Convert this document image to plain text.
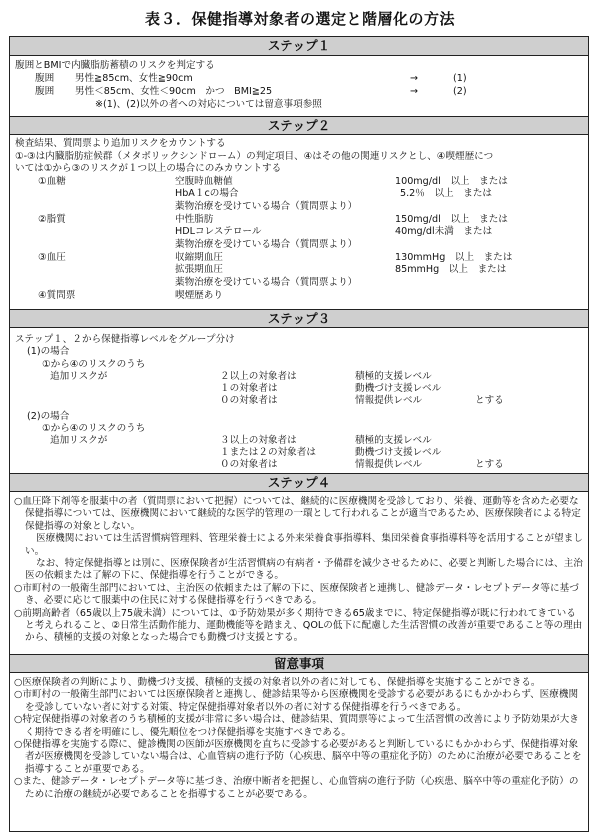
表３．保健指導対象者の選定と階層化の方法
ステップ１
腹囲とBMIで内臓脂肪蓄積のリスクを判定する
腹囲 男性≧85cm、女性≧90cm	→	(1)
腹囲 男性＜85cm、女性＜90cm　かつ　BMI≧25	→	(2)
※(1)、(2)以外の者への対応については留意事項参照
ステップ２
検査結果、質問票より追加リスクをカウントする
①-③は内臓脂肪症候群（メタボリックシンドローム）の判定項目、④はその他の関連リスクとし、④喫煙歴につ
いては①から③のリスクが１つ以上の場合にのみカウントする
①血糖	空腹時血糖値	100mg/dl　以上　または
HbA１cの場合	5.2％　以上　または
薬物治療を受けている場合（質問票より）
②脂質	中性脂肪	150mg/dl　以上　または
HDLコレステロール	40mg/dl未満　または
薬物治療を受けている場合（質問票より）
③血圧	収縮期血圧	130mmHg　以上　または
拡張期血圧	85mmHg　以上　または
薬物治療を受けている場合（質問票より）
④質問票	喫煙歴あり
ステップ３
ステップ１、２から保健指導レベルをグループ分け
(1)の場合
①から④のリスクのうち
追加リスクが	２以上の対象者は	積極的支援レベル
１の対象者は	動機づけ支援レベル
０の対象者は	情報提供レベル	とする
(2)の場合
①から④のリスクのうち
追加リスクが	３以上の対象者は	積極的支援レベル
１または２の対象者は	動機づけ支援レベル
０の対象者は	情報提供レベル	とする
ステップ４

○血圧降下剤等を服薬中の者（質問票において把握）については、継続的に医療機関を受診しており、栄養、運動等を含めた必要な保健指導については、医療機関において継続的な医学的管理の一環として行われることが適当であるため、医療保険者による特定保健指導の対象としない。

医療機関においては生活習慣病管理料、管理栄養士による外来栄養食事指導料、集団栄養食事指導料等を活用することが望ましい。

なお、特定保健指導とは別に、医療保険者が生活習慣病の有病者・予備群を減少させるために、必要と判断した場合には、主治医の依頼または了解の下に、保健指導を行うことができる。

○市町村の一般衛生部門においては、主治医の依頼または了解の下に、医療保険者と連携し、健診データ・レセプトデータ等に基づき、必要に応じて服薬中の住民に対する保健指導を行うべきである。

○前期高齢者（65歳以上75歳未満）については、①予防効果が多く期待できる65歳までに、特定保健指導が既に行われてきていると考えられること、②日常生活動作能力、運動機能等を踏まえ、QOLの低下に配慮した生活習慣の改善が重要であること等の理由から、積極的支援の対象となった場合でも動機づけ支援とする。

留意事項

○医療保険者の判断により、動機づけ支援、積極的支援の対象者以外の者に対しても、保健指導を実施することができる。

○市町村の一般衛生部門においては医療保険者と連携し、健診結果等から医療機関を受診する必要があるにもかかわらず、医療機関を受診していない者に対する対策、特定保健指導対象者以外の者に対する保健指導を行うべきである。

○特定保健指導の対象者のうち積極的支援が非常に多い場合は、健診結果、質問票等によって生活習慣の改善により予防効果が大きく期待できる者を明確にし、優先順位をつけ保健指導を実施すべきである。

○保健指導を実施する際に、健診機関の医師が医療機関を直ちに受診する必要があると判断しているにもかかわらず、保健指導対象者が医療機関を受診していない場合は、心血管病の進行予防（心疾患、脳卒中等の重症化予防）のために治療が必要であることを指導することが重要である。

○また、健診データ・レセプトデータ等に基づき、治療中断者を把握し、心血管病の進行予防（心疾患、脳卒中等の重症化予防）のために治療の継続が必要であることを指導することが必要である。
